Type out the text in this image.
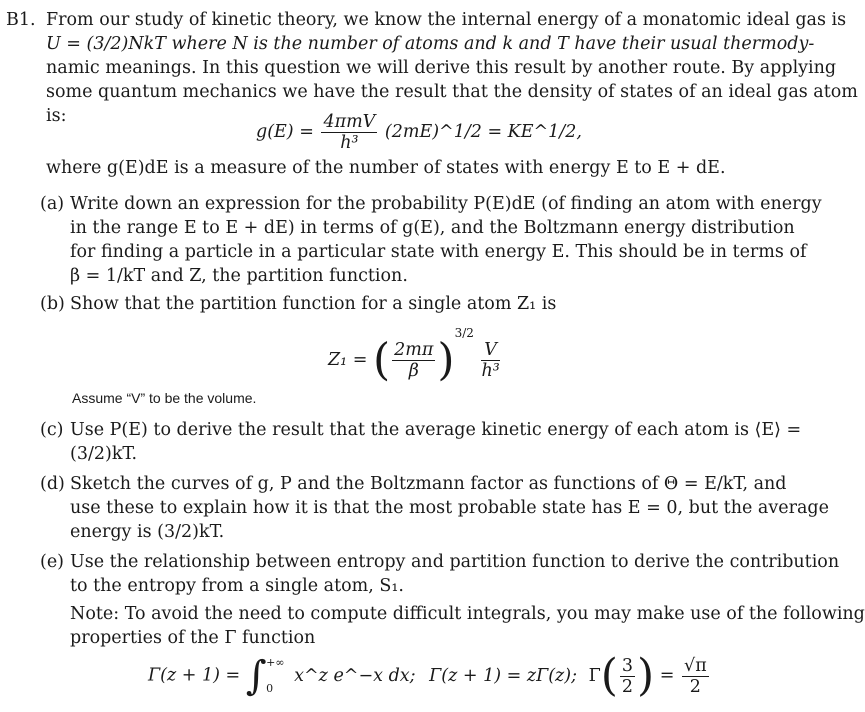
B1. From our study of kinetic theory, we know the internal energy of a monatomic ideal gas is
U = (3/2)NkT where N is the number of atoms and k and T have their usual thermody-
namic meanings. In this question we will derive this result by another route. By applying
some quantum mechanics we have the result that the density of states of an ideal gas atom
is:
$g(E) = \frac{\text{4πmV}}{\text{h³}}$ (2mE)^1/2 = KE^1/2,
where g(E)dE is a measure of the number of states with energy E to E + dE.
(a) Write down an expression for the probability P(E)dE (of finding an atom with energy
in the range E to E + dE) in terms of g(E), and the Boltzmann energy distribution
for finding a particle in a particular state with energy E. This should be in terms of
β = 1/kT and Z, the partition function.
(b) Show that the partition function for a single atom Z₁ is
Z₁ = ( $\frac{2m\pi}{\beta} )^{3/2}$
$\frac{V}{\text{h³}}$
Assume “V” to be the volume.
(c) Use P(E) to derive the result that the average kinetic energy of each atom is ⟨E⟩ =
(3/2)kT.
(d) Sketch the curves of g, P and the Boltzmann factor as functions of Θ = E/kT, and
use these to explain how it is that the most probable state has E = 0, but the average
energy is (3/2)kT.
(e) Use the relationship between entropy and partition function to derive the contribution
to the entropy from a single atom, S₁.
Note: To avoid the need to compute difficult integrals, you may make use of the following
properties of the Γ function
Γ(z + 1) = ∫ +∞
0
x^z e^−x dx; Γ(z + 1) = zΓ(z); $\Gamma( \frac{3}{2}$ ) = $\frac{√\pi}{2}$
